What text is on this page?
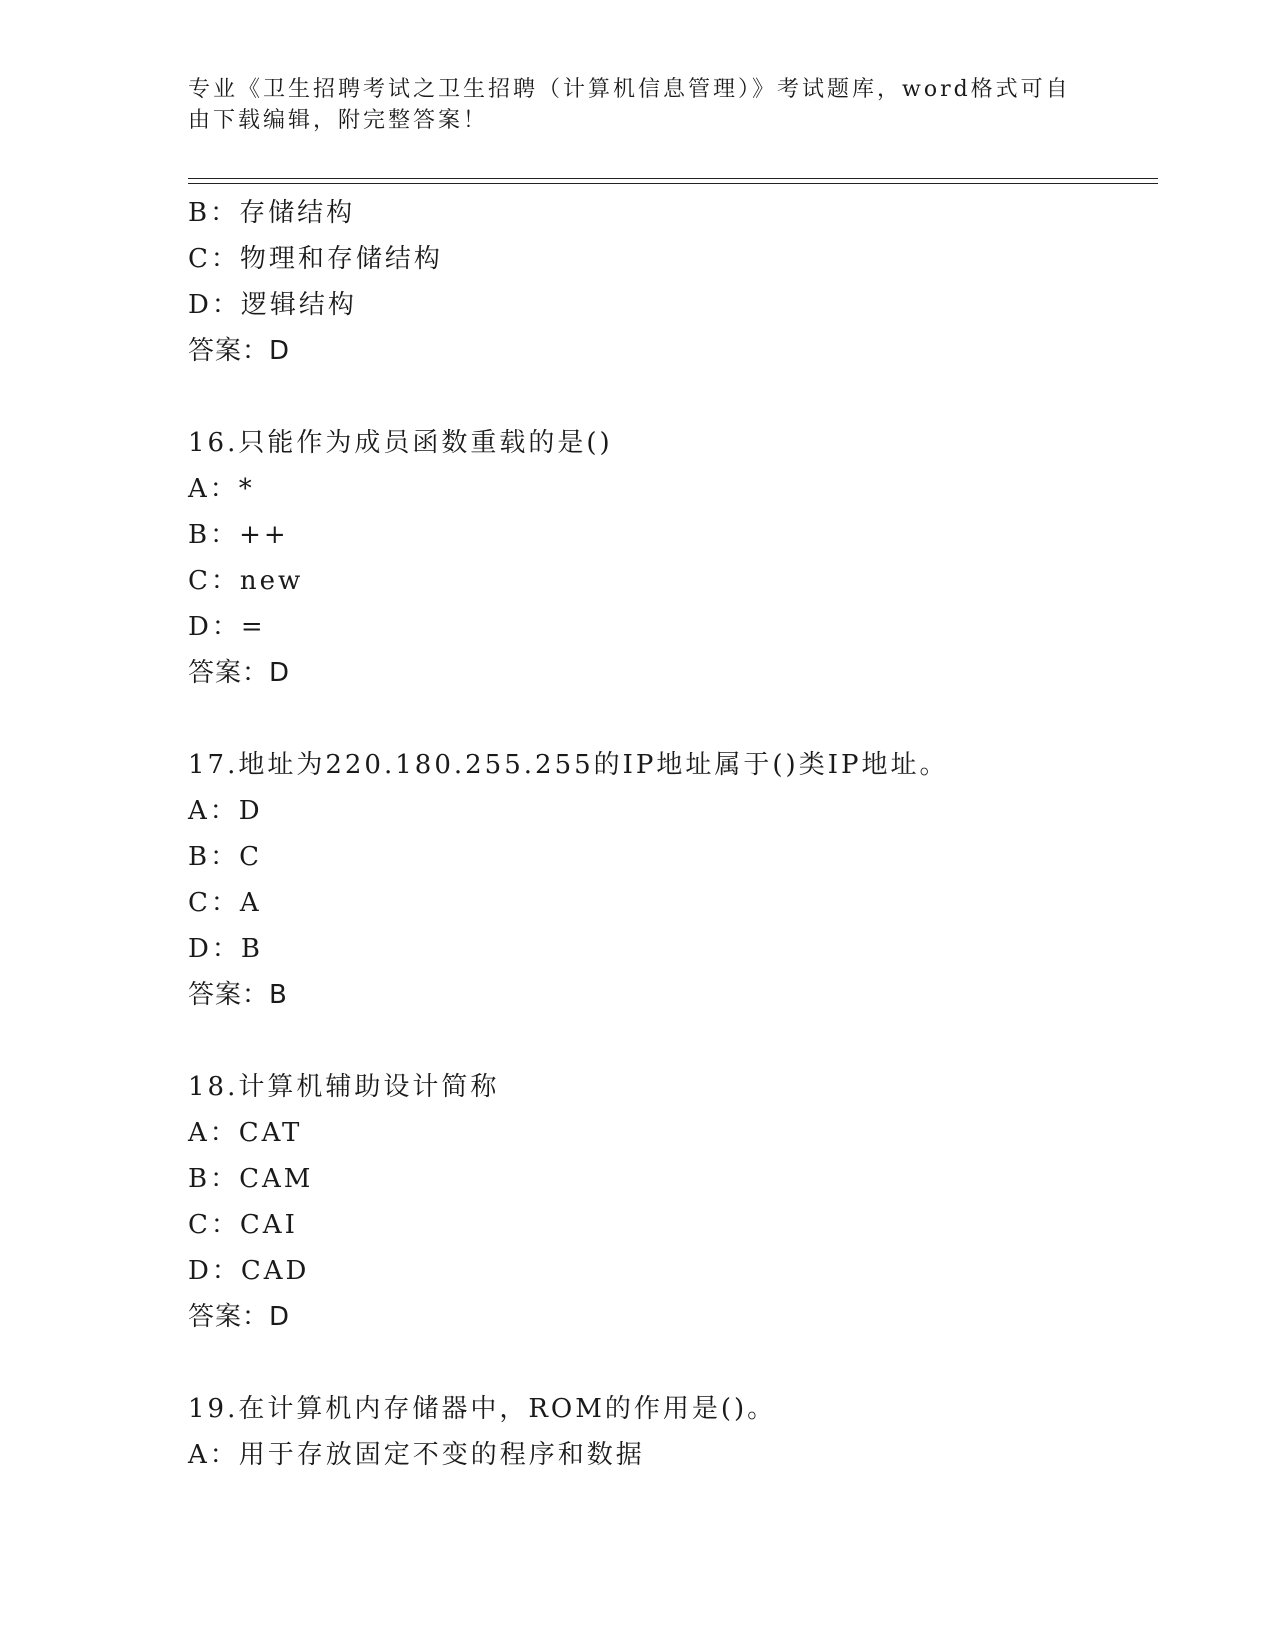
专业《卫生招聘考试之卫生招聘（计算机信息管理）》考试题库，word格式可自
由下载编辑，附完整答案！
B：存储结构
C：物理和存储结构
D：逻辑结构
答案：D
16.只能作为成员函数重载的是()
A：*
B：++
C：new
D：=
答案：D
17.地址为220.180.255.255的IP地址属于()类IP地址。
A：D
B：C
C：A
D：B
答案：B
18.计算机辅助设计简称
A：CAT
B：CAM
C：CAI
D：CAD
答案：D
19.在计算机内存储器中，ROM的作用是()。
A：用于存放固定不变的程序和数据
